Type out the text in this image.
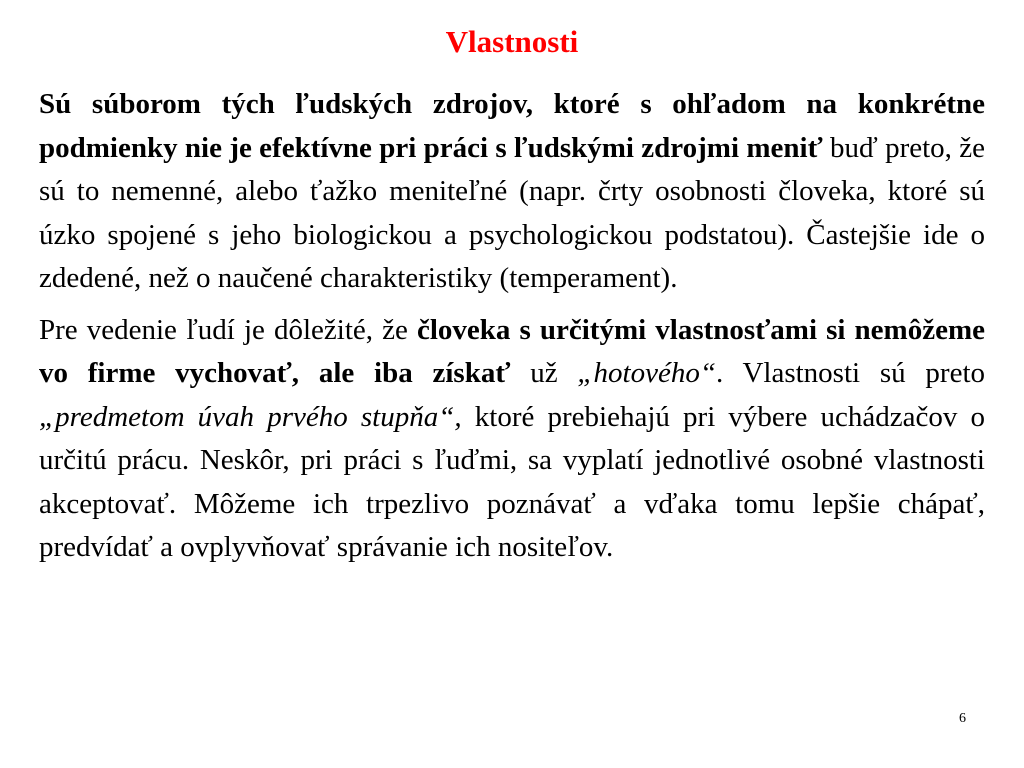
Vlastnosti

Sú súborom tých ľudských zdrojov, ktoré s ohľadom na konkrétne podmienky nie je efektívne pri práci s ľudskými zdrojmi meniť buď preto, že sú to nemenné, alebo ťažko meniteľné (napr. črty osobnosti človeka, ktoré sú úzko spojené s jeho biologickou a psychologickou podstatou). Častejšie ide o zdedené, než o naučené charakteristiky (temperament).

Pre vedenie ľudí je dôležité, že človeka s určitými vlastnosťami si nemôžeme vo firme vychovať, ale iba získať už „hotového“. Vlastnosti sú preto „predmetom úvah prvého stupňa“, ktoré prebiehajú pri výbere uchádzačov o určitú prácu. Neskôr, pri práci s ľuďmi, sa vyplatí jednotlivé osobné vlastnosti akceptovať. Môžeme ich trpezlivo poznávať a vďaka tomu lepšie chápať, predvídať a ovplyvňovať správanie ich nositeľov.

6
